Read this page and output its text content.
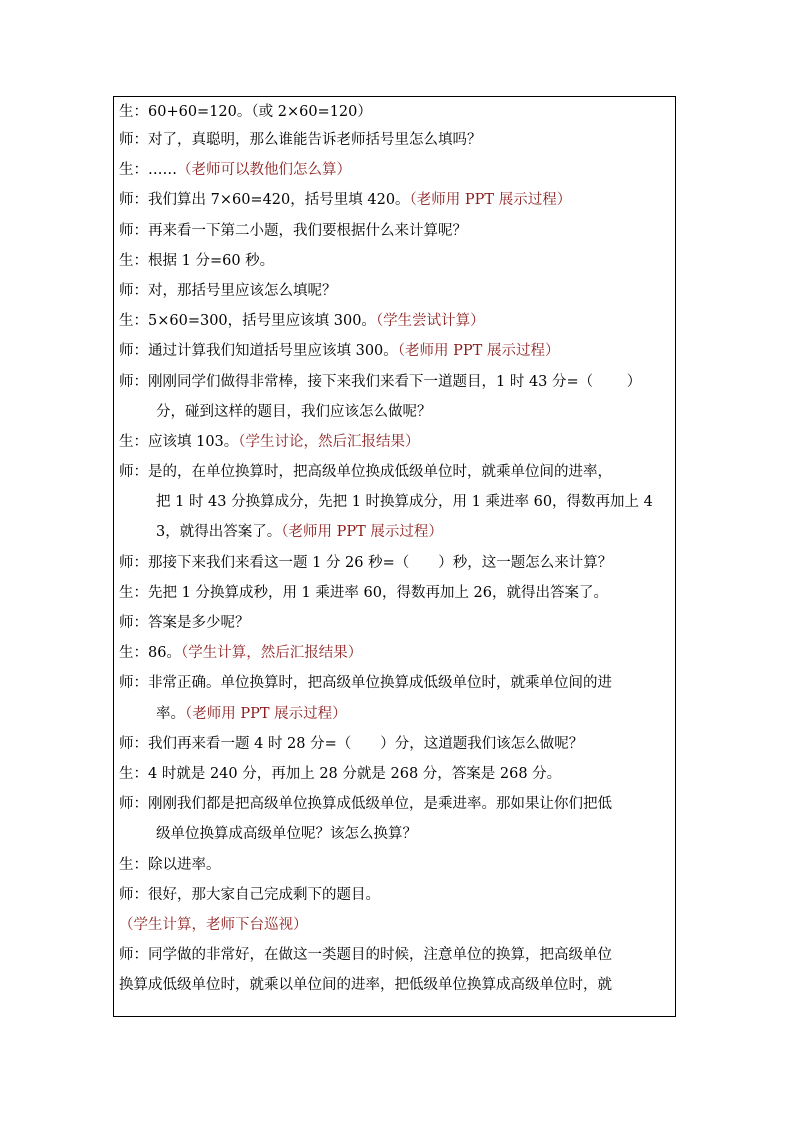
生：60+60=120。（或 2×60=120）
师：对了，真聪明，那么谁能告诉老师括号里怎么填吗？
生：……（老师可以教他们怎么算）
师：我们算出 7×60=420，括号里填 420。（老师用 PPT 展示过程）
师：再来看一下第二小题，我们要根据什么来计算呢？
生：根据 1 分=60 秒。
师：对，那括号里应该怎么填呢？
生：5×60=300，括号里应该填 300。（学生尝试计算）
师：通过计算我们知道括号里应该填 300。（老师用 PPT 展示过程）
师：刚刚同学们做得非常棒，接下来我们来看下一道题目，1 时 43 分=（　　 ）
分，碰到这样的题目，我们应该怎么做呢？
生：应该填 103。（学生讨论，然后汇报结果）
师：是的，在单位换算时，把高级单位换成低级单位时，就乘单位间的进率，
把 1 时 43 分换算成分，先把 1 时换算成分，用 1 乘进率 60，得数再加上 4
3，就得出答案了。（老师用 PPT 展示过程）
师：那接下来我们来看这一题 1 分 26 秒=（　　）秒，这一题怎么来计算？
生：先把 1 分换算成秒，用 1 乘进率 60，得数再加上 26，就得出答案了。
师：答案是多少呢？
生：86。（学生计算，然后汇报结果）
师：非常正确。单位换算时，把高级单位换算成低级单位时，就乘单位间的进
率。（老师用 PPT 展示过程）
师：我们再来看一题 4 时 28 分=（　　）分，这道题我们该怎么做呢？
生：4 时就是 240 分，再加上 28 分就是 268 分，答案是 268 分。
师：刚刚我们都是把高级单位换算成低级单位，是乘进率。那如果让你们把低
级单位换算成高级单位呢？该怎么换算？
生：除以进率。
师：很好，那大家自己完成剩下的题目。
（学生计算，老师下台巡视）
师：同学做的非常好，在做这一类题目的时候，注意单位的换算，把高级单位
换算成低级单位时，就乘以单位间的进率，把低级单位换算成高级单位时，就
